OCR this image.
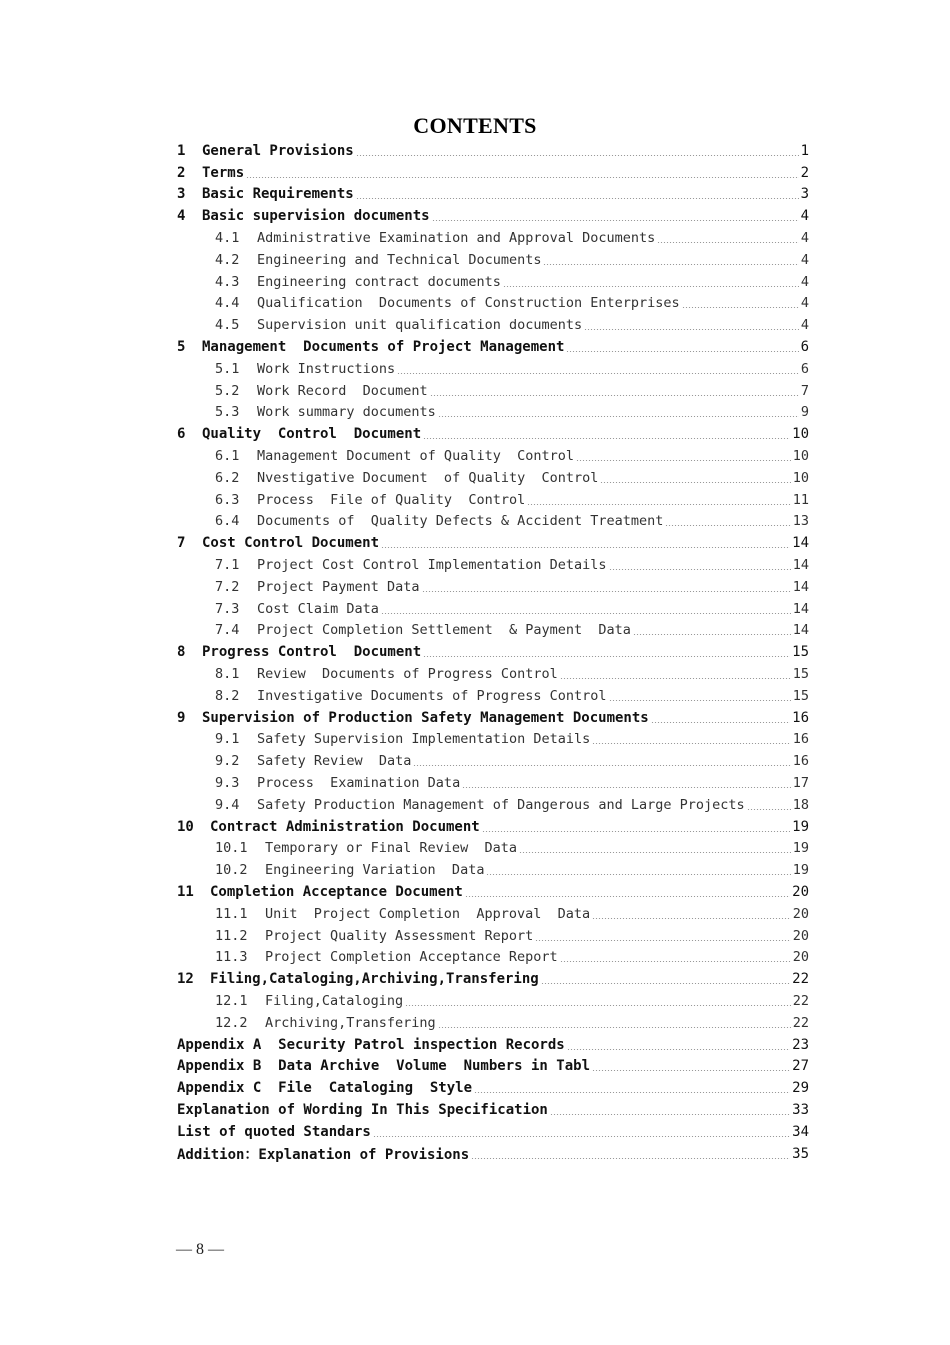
CONTENTS
1	General Provisions	1
2	Terms	2
3	Basic Requirements	3
4	Basic supervision documents	4
4.1	Administrative Examination and Approval Documents	4
4.2	Engineering and Technical Documents	4
4.3	Engineering contract documents	4
4.4	Qualification  Documents of Construction Enterprises	4
4.5	Supervision unit qualification documents	4
5	Management  Documents of Project Management	6
5.1	Work Instructions	6
5.2	Work Record  Document	7
5.3	Work summary documents	9
6	Quality  Control  Document	10
6.1	Management Document of Quality  Control	10
6.2	Nvestigative Document  of Quality  Control	10
6.3	Process  File of Quality  Control	11
6.4	Documents of  Quality Defects & Accident Treatment	13
7	Cost Control Document	14
7.1	Project Cost Control Implementation Details	14
7.2	Project Payment Data	14
7.3	Cost Claim Data	14
7.4	Project Completion Settlement  & Payment  Data	14
8	Progress Control  Document	15
8.1	Review  Documents of Progress Control	15
8.2	Investigative Documents of Progress Control	15
9	Supervision of Production Safety Management Documents	16
9.1	Safety Supervision Implementation Details	16
9.2	Safety Review  Data	16
9.3	Process  Examination Data	17
9.4	Safety Production Management of Dangerous and Large Projects	18
10	Contract Administration Document	19
10.1	Temporary or Final Review  Data	19
10.2	Engineering Variation  Data	19
11	Completion Acceptance Document	20
11.1	Unit  Project Completion  Approval  Data	20
11.2	Project Quality Assessment Report	20
11.3	Project Completion Acceptance Report	20
12	Filing,Cataloging,Archiving,Transfering	22
12.1	Filing,Cataloging	22
12.2	Archiving,Transfering	22
Appendix A  Security Patrol inspection Records	23
Appendix B  Data Archive  Volume  Numbers in Tabl	27
Appendix C  File  Cataloging  Style	29
Explanation of Wording In This Specification	33
List of quoted Standars	34
Addition：Explanation of Provisions	35
— 8 —
